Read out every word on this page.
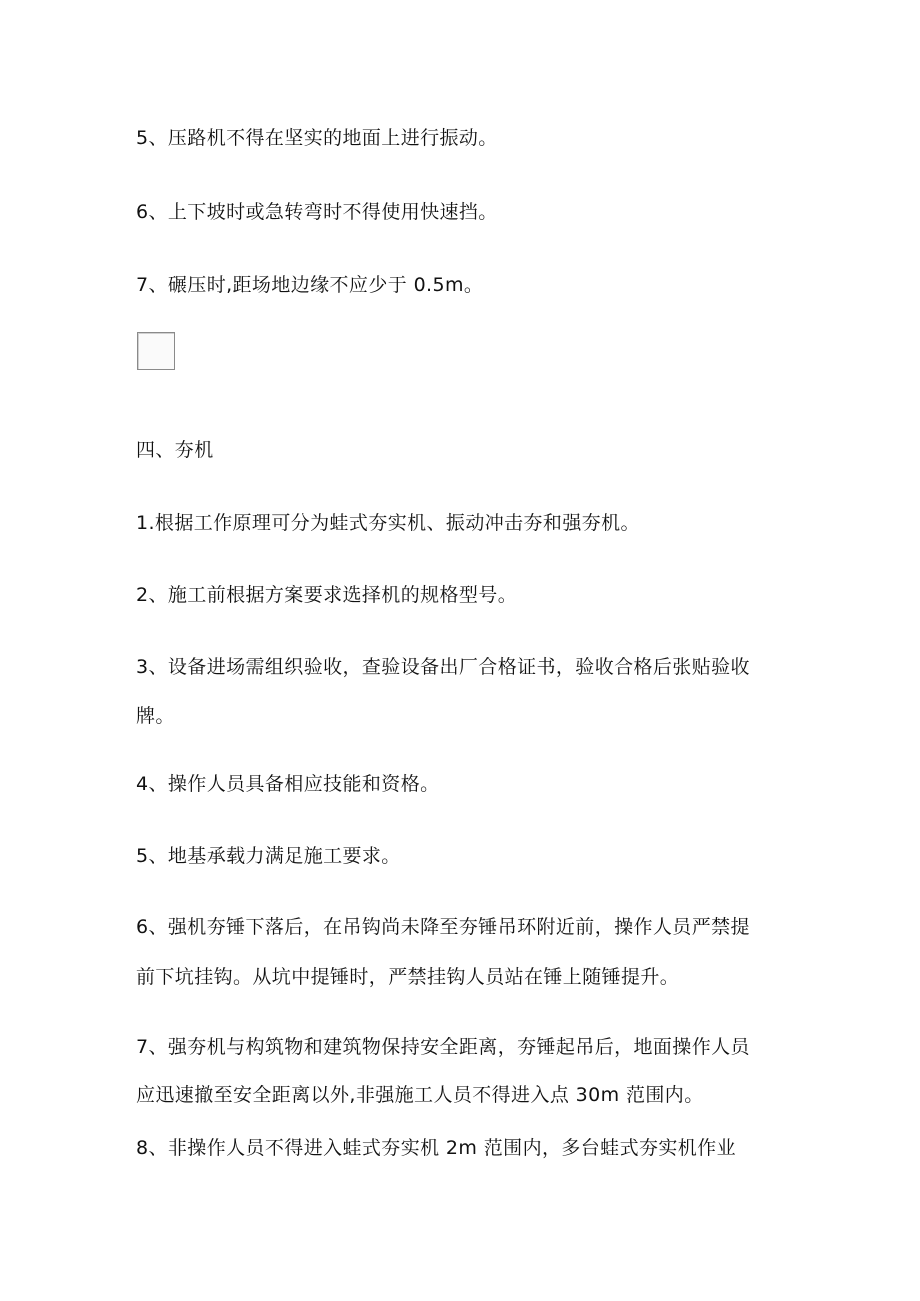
5、压路机不得在坚实的地面上进行振动。
6、上下坡时或急转弯时不得使用快速挡。
7、碾压时,距场地边缘不应少于 0.5m。
四、夯机
1.根据工作原理可分为蛙式夯实机、振动冲击夯和强夯机。
2、施工前根据方案要求选择机的规格型号。
3、设备进场需组织验收，查验设备出厂合格证书，验收合格后张贴验收
牌。
4、操作人员具备相应技能和资格。
5、地基承载力满足施工要求。
6、强机夯锤下落后，在吊钩尚未降至夯锤吊环附近前，操作人员严禁提
前下坑挂钩。从坑中提锤时，严禁挂钩人员站在锤上随锤提升。
7、强夯机与构筑物和建筑物保持安全距离，夯锤起吊后，地面操作人员
应迅速撤至安全距离以外,非强施工人员不得进入点 30m 范围内。
8、非操作人员不得进入蛙式夯实机 2m 范围内，多台蛙式夯实机作业
